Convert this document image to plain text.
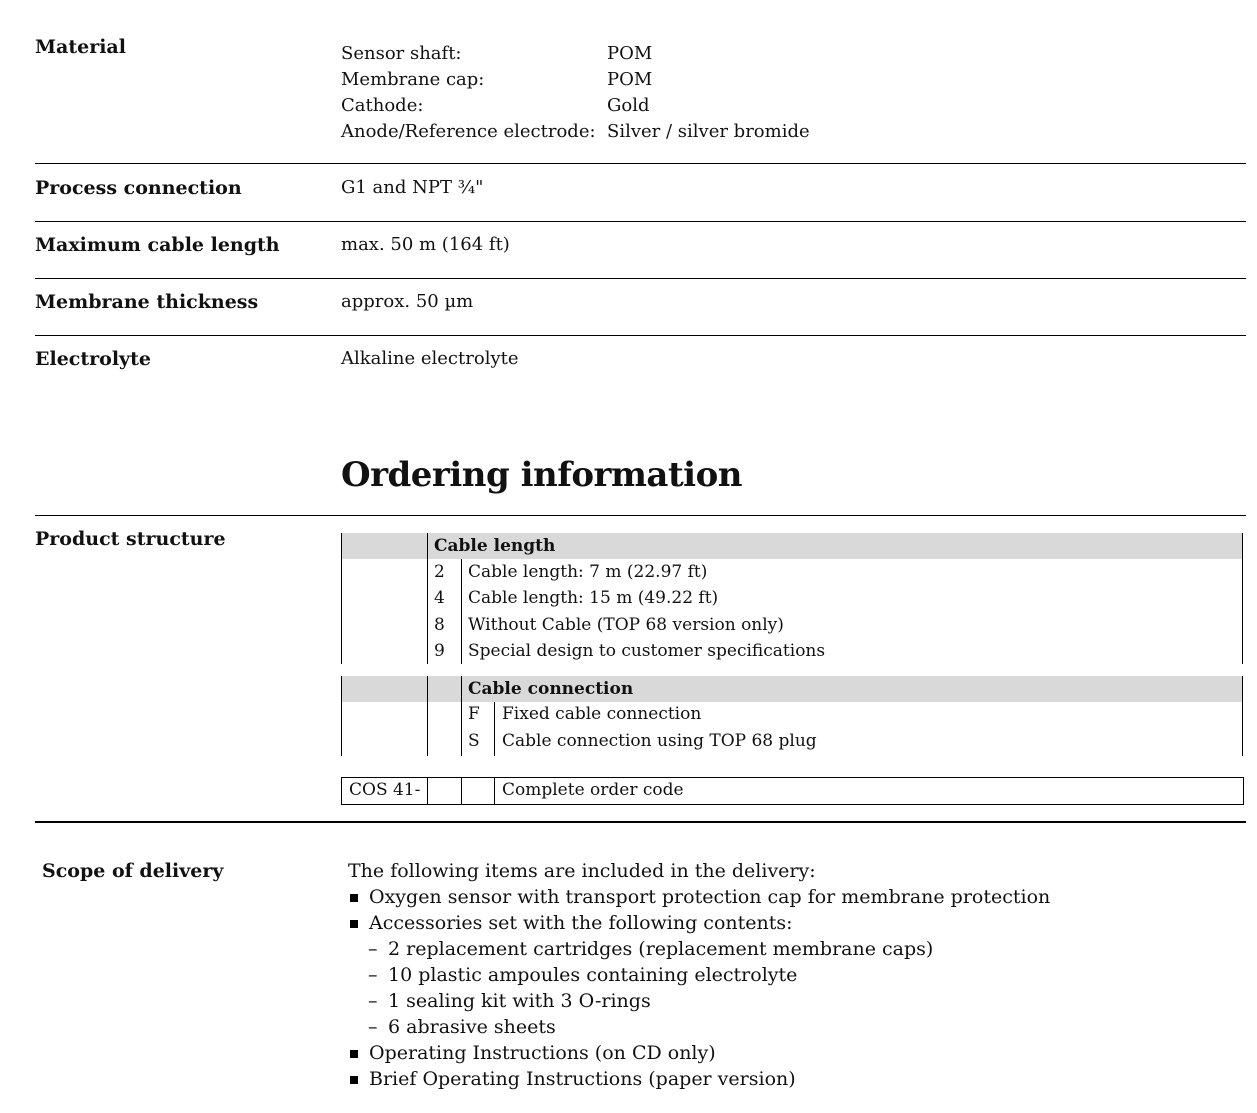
Material	Sensor shaft:	POM
Membrane cap:	POM
Cathode:	Gold
Anode/Reference electrode: Silver / silver bromide
Process connection	G1 and NPT ¾"
Maximum cable length	max. 50 m (164 ft)
Membrane thickness	approx. 50 µm
Electrolyte	Alkaline electrolyte
Ordering information
Product structure	Cable length
2 Cable length: 7 m (22.97 ft)
4 Cable length: 15 m (49.22 ft)
8 Without Cable (TOP 68 version only)
9 Special design to customer specifications
Cable connection
F Fixed cable connection
S Cable connection using TOP 68 plug
COS 41-	Complete order code
Scope of delivery	The following items are included in the delivery:
Oxygen sensor with transport protection cap for membrane protection
Accessories set with the following contents:
– 2 replacement cartridges (replacement membrane caps)
– 10 plastic ampoules containing electrolyte
– 1 sealing kit with 3 O-rings
– 6 abrasive sheets
Operating Instructions (on CD only)
Brief Operating Instructions (paper version)
